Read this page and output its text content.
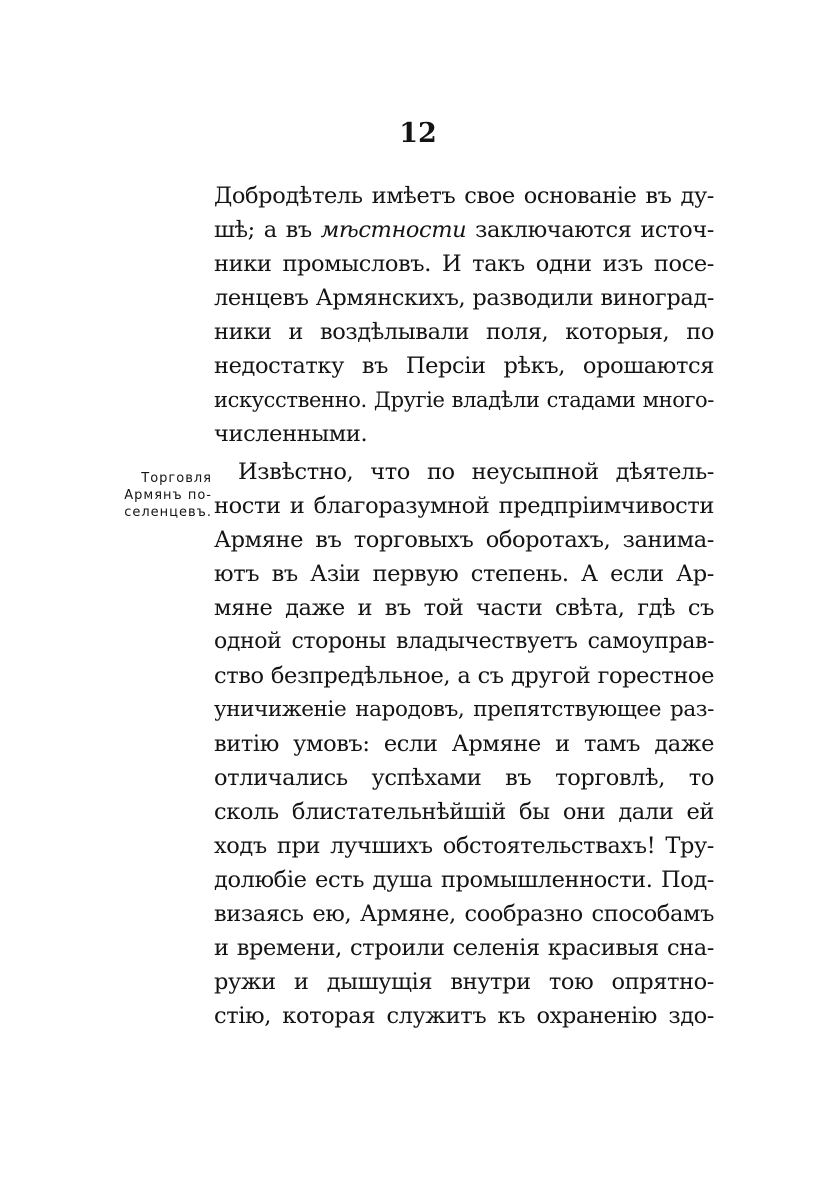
12
Торговля
Армянъ по-
селенцевъ.
Добродѣтель имѣетъ свое основаніе въ ду-
шѣ; а въ мѣстности заключаются источ-
ники промысловъ. И такъ одни изъ посе-
ленцевъ Армянскихъ, разводили виноград-
ники и воздѣлывали поля, которыя, по
недостатку въ Персіи рѣкъ, орошаются
искусственно. Другіе владѣли стадами много-
численными.
Извѣстно, что по неусыпной дѣятель-
ности и благоразумной предпріимчивости
Армяне въ торговыхъ оборотахъ, занима-
ютъ въ Азіи первую степень. А если Ар-
мяне даже и въ той части свѣта, гдѣ съ
одной стороны владычествуетъ самоуправ-
ство безпредѣльное, а съ другой горестное
уничиженіе народовъ, препятствующее раз-
витію умовъ: если Армяне и тамъ даже
отличались успѣхами въ торговлѣ, то
сколь блистательнѣйшій бы они дали ей
ходъ при лучшихъ обстоятельствахъ! Тру-
долюбіе есть душа промышленности. Под-
визаясь ею, Армяне, сообразно способамъ
и времени, строили селенія красивыя сна-
ружи и дышущія внутри тою опрятно-
стію, которая служитъ къ охраненію здо-
